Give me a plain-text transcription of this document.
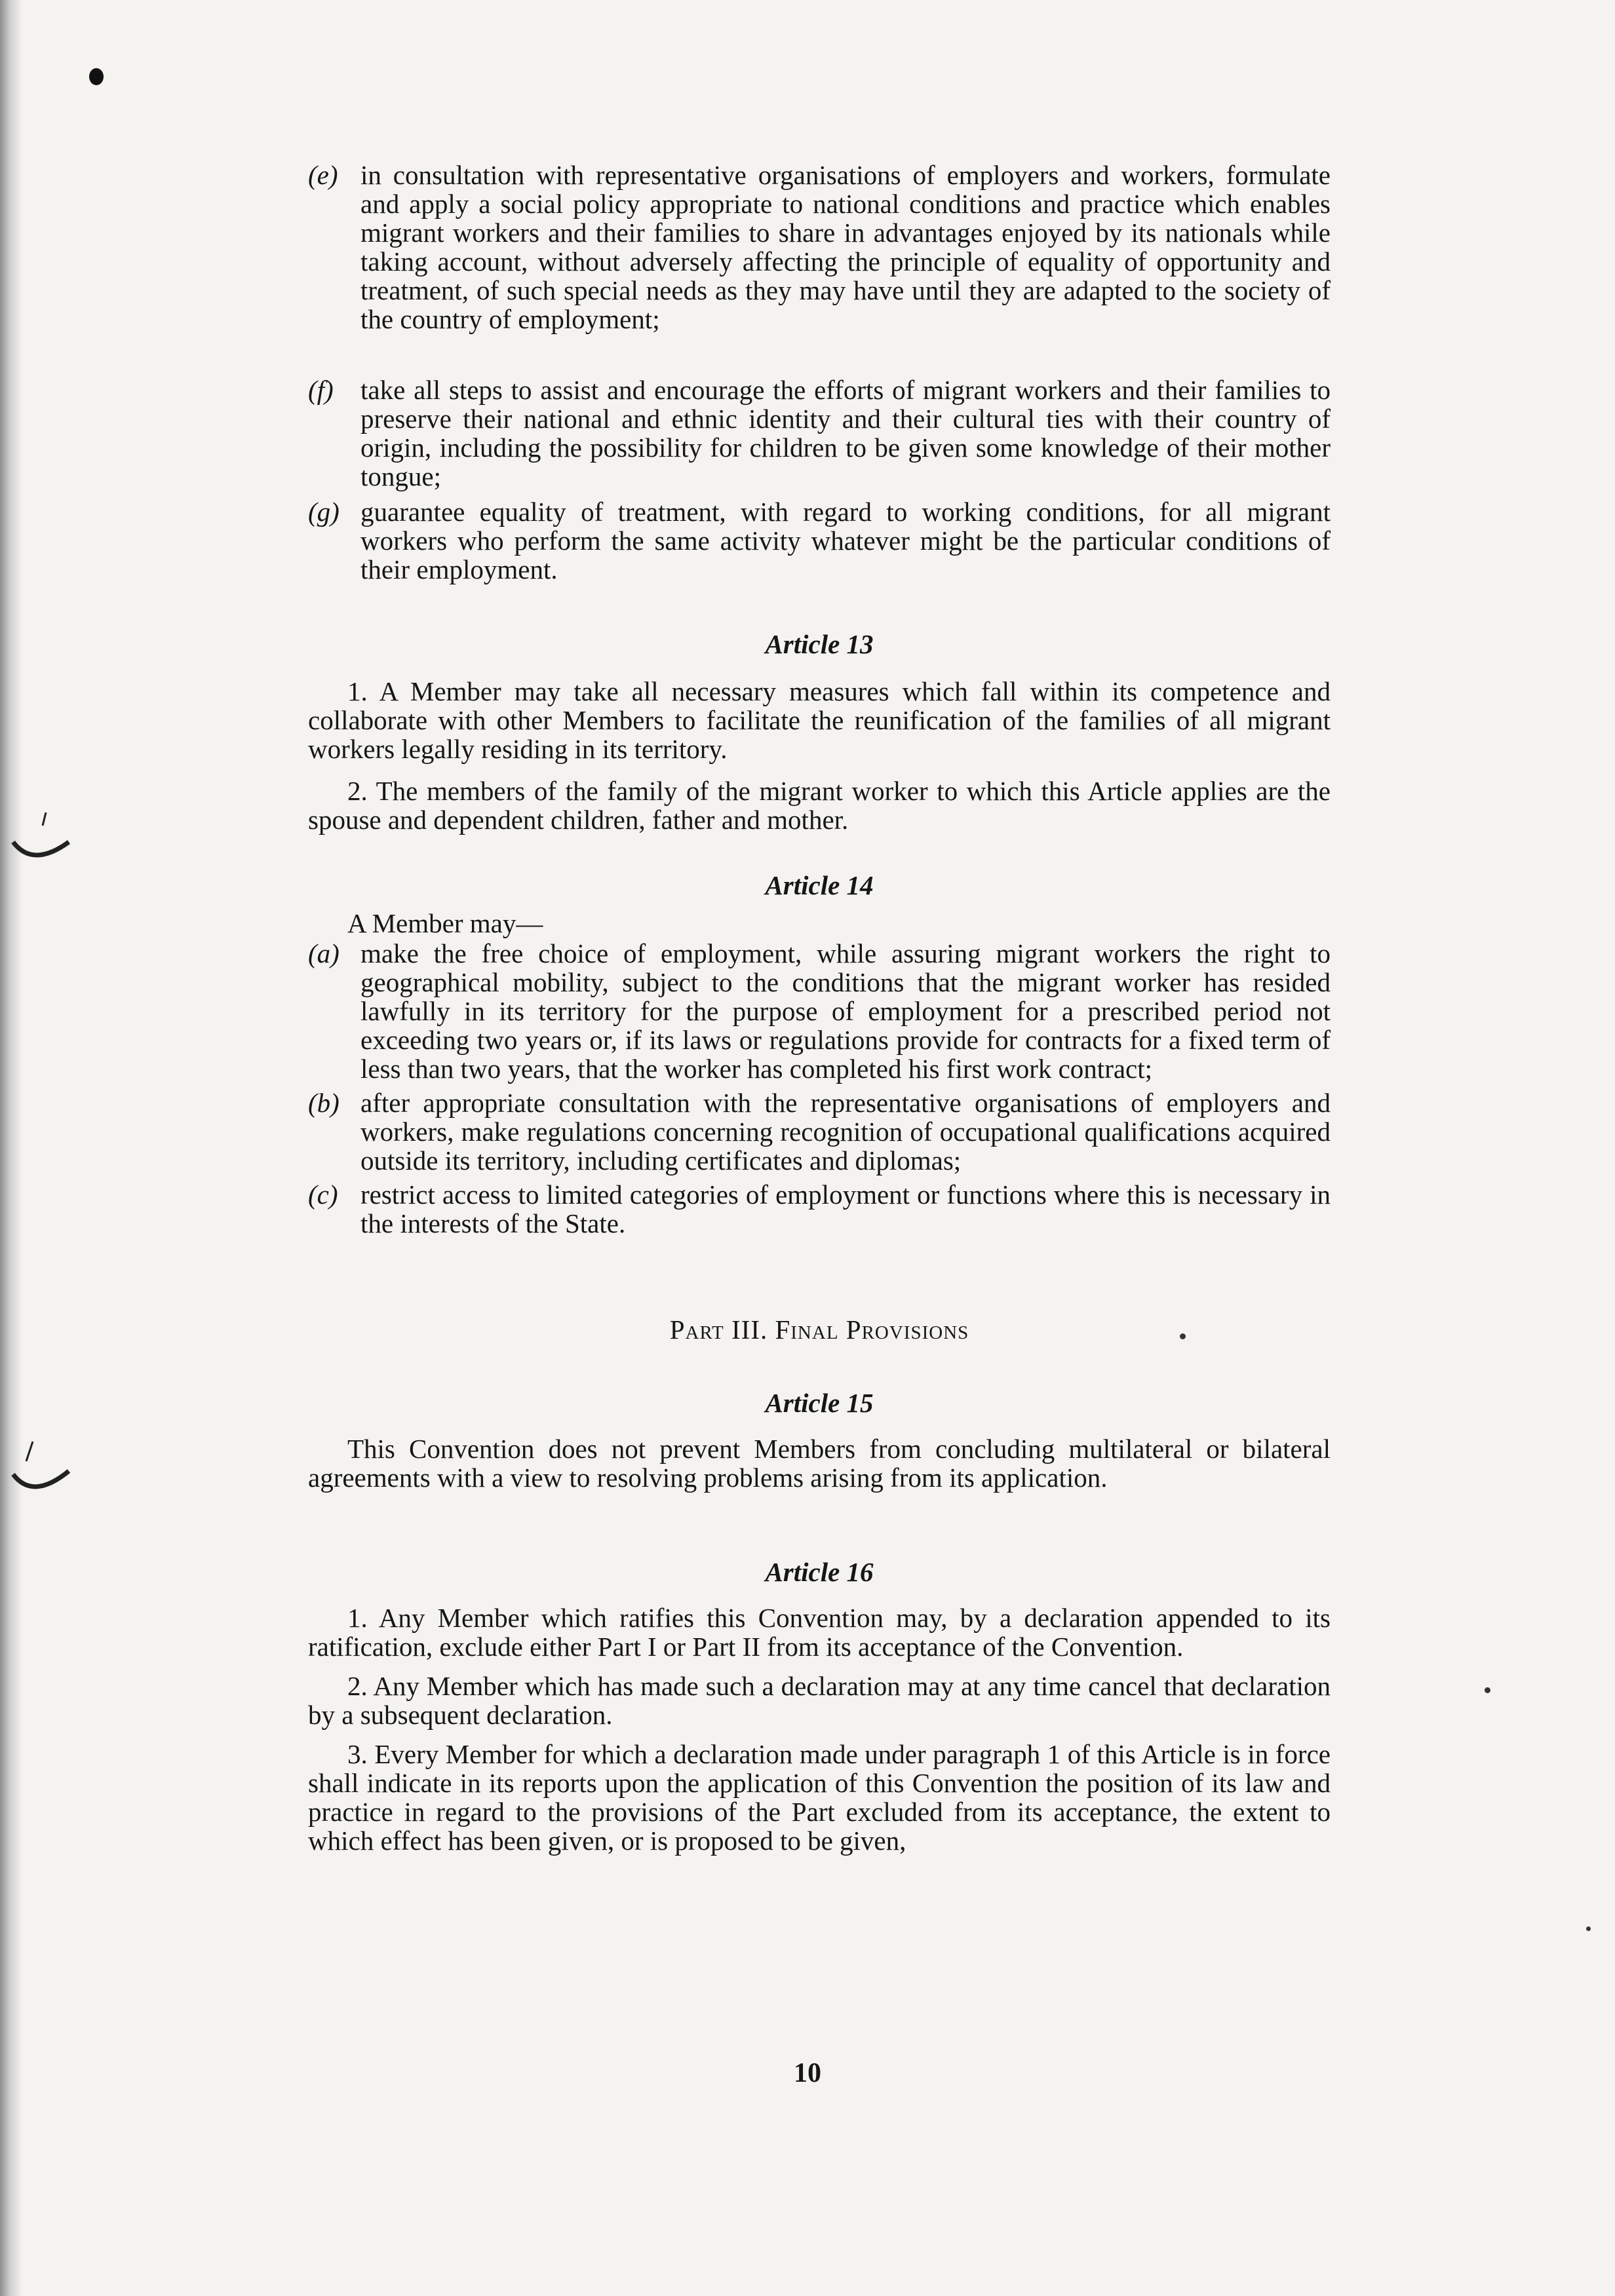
(e) in consultation with representative organisations of employers and workers, formulate and apply a social policy appropriate to national conditions and practice which enables migrant workers and their families to share in advantages enjoyed by its nationals while taking account, without adversely affecting the principle of equality of opportunity and treatment, of such special needs as they may have until they are adapted to the society of the country of employment;
(f) take all steps to assist and encourage the efforts of migrant workers and their families to preserve their national and ethnic identity and their cultural ties with their country of origin, including the possibility for children to be given some knowledge of their mother tongue;
(g) guarantee equality of treatment, with regard to working conditions, for all migrant workers who perform the same activity whatever might be the particular conditions of their employment.
Article 13
1. A Member may take all necessary measures which fall within its competence and collaborate with other Members to facilitate the reunification of the families of all migrant workers legally residing in its territory.
2. The members of the family of the migrant worker to which this Article applies are the spouse and dependent children, father and mother.
Article 14
A Member may—
(a) make the free choice of employment, while assuring migrant workers the right to geographical mobility, subject to the conditions that the migrant worker has resided lawfully in its territory for the purpose of employment for a prescribed period not exceeding two years or, if its laws or regulations provide for contracts for a fixed term of less than two years, that the worker has completed his first work contract;
(b) after appropriate consultation with the representative organisations of employers and workers, make regulations concerning recognition of occupational qualifications acquired outside its territory, including certificates and diplomas;
(c) restrict access to limited categories of employment or functions where this is necessary in the interests of the State.
Part III. Final Provisions
Article 15
This Convention does not prevent Members from concluding multilateral or bilateral agreements with a view to resolving problems arising from its application.
Article 16
1. Any Member which ratifies this Convention may, by a declaration appended to its ratification, exclude either Part I or Part II from its acceptance of the Convention.
2. Any Member which has made such a declaration may at any time cancel that declaration by a subsequent declaration.
3. Every Member for which a declaration made under paragraph 1 of this Article is in force shall indicate in its reports upon the application of this Convention the position of its law and practice in regard to the provisions of the Part excluded from its acceptance, the extent to which effect has been given, or is proposed to be given,
10
